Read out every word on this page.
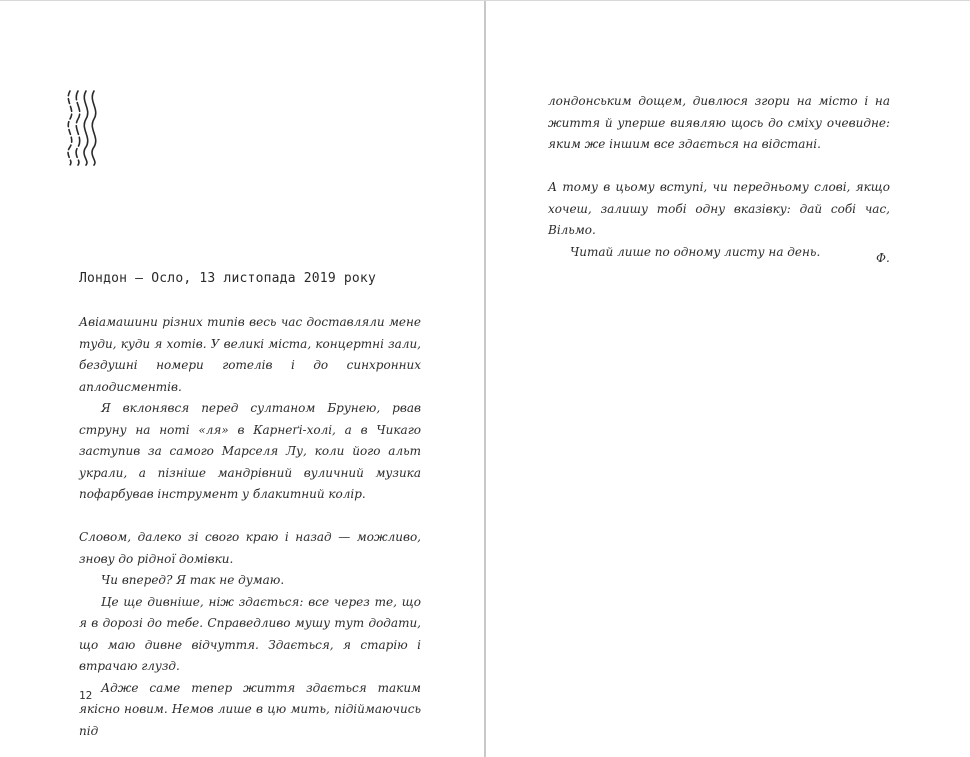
Лондон — Осло, 13 листопада 2019 року

Авіамашини різних типів весь час доставляли мене туди, куди я хотів. У великі міста, концертні зали, бездушні номери готелів і до синхронних аплодисментів.

Я вклонявся перед султаном Брунею, рвав струну на ноті «ля» в Карнеґі-холі, а в Чикаго заступив за самого Марселя Лу, коли його альт украли, а пізніше мандрівний вуличний музика пофарбував інструмент у блакитний колір.

Словом, далеко зі свого краю і назад — можливо, знову до рідної домівки.

Чи вперед? Я так не думаю.

Це ще дивніше, ніж здається: все через те, що я в дорозі до тебе. Справедливо мушу тут додати, що маю дивне відчуття. Здається, я старію і втрачаю глузд.

Адже саме тепер життя здається таким якісно новим. Немов лише в цю мить, підіймаючись під

12

лондонським дощем, дивлюся згори на місто і на життя й уперше виявляю щось до сміху очевидне: яким же іншим все здається на відстані.

А тому в цьому вступі, чи передньому слові, якщо хочеш, залишу тобі одну вказівку: дай собі час, Вільмо.

Читай лише по одному листу на день.	Ф.
